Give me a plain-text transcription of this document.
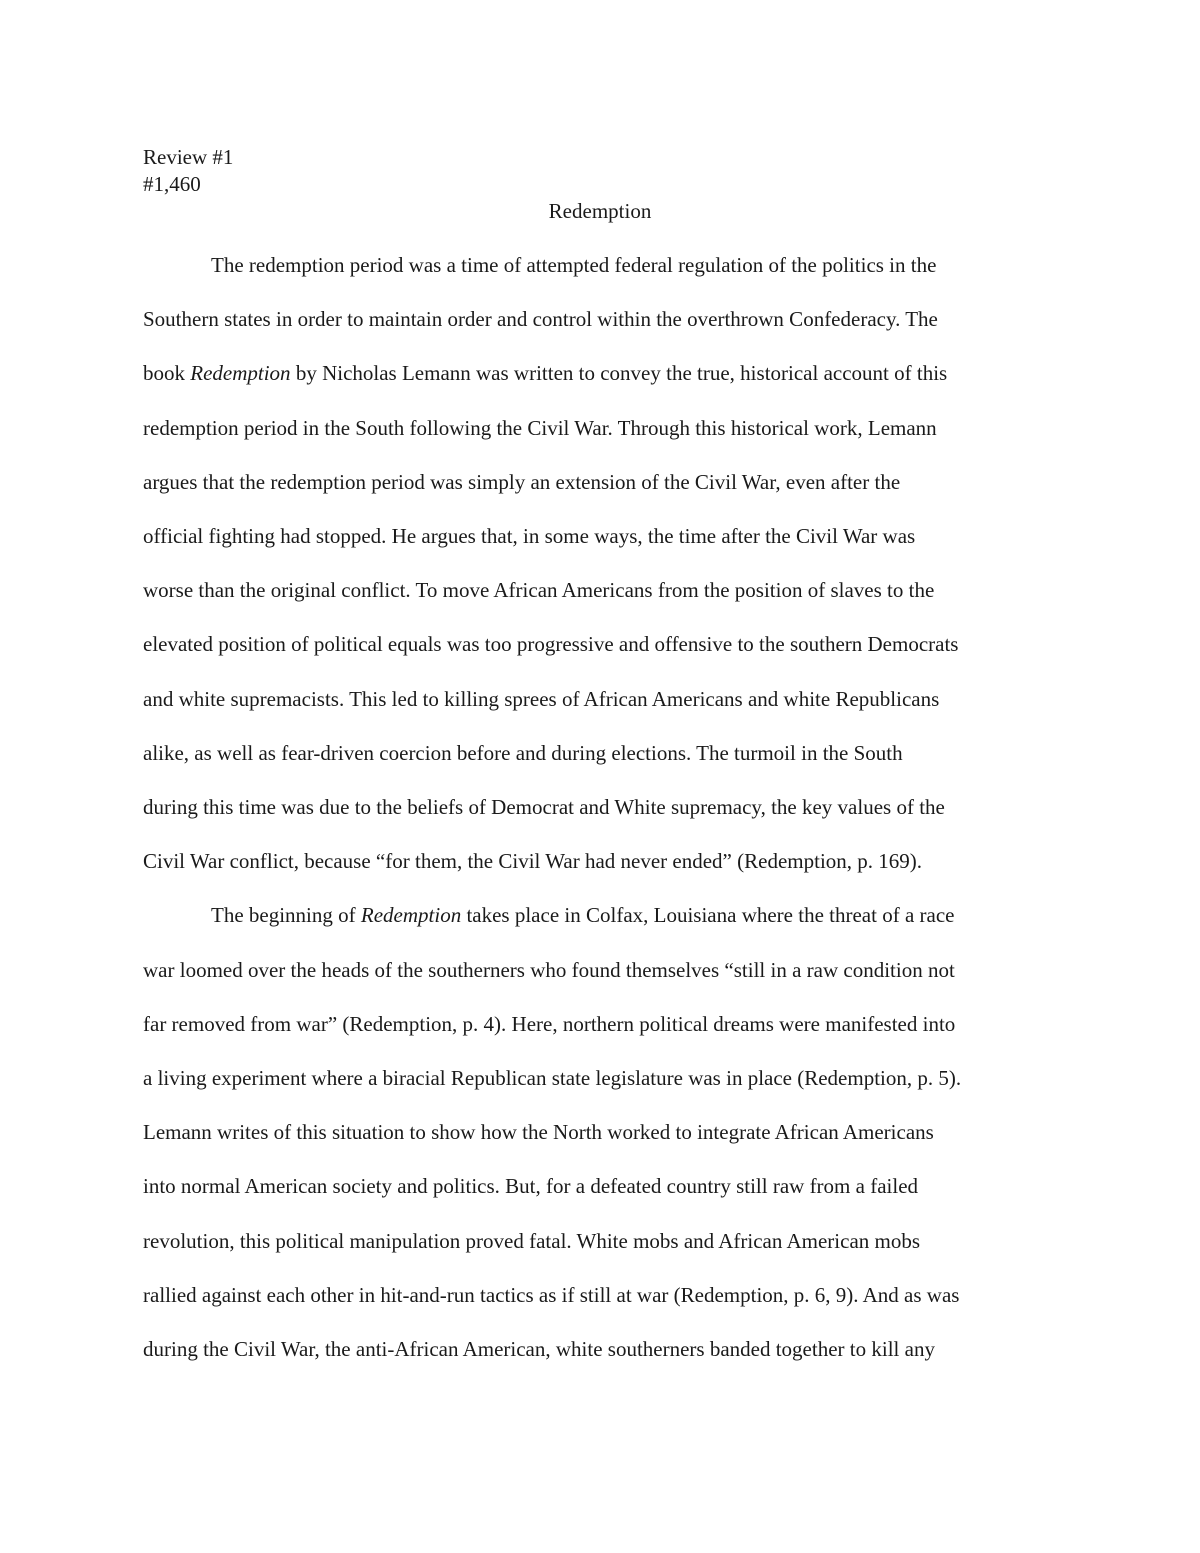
Review #1
#1,460
Redemption
The redemption period was a time of attempted federal regulation of the politics in the
Southern states in order to maintain order and control within the overthrown Confederacy. The
book Redemption by Nicholas Lemann was written to convey the true, historical account of this
redemption period in the South following the Civil War. Through this historical work, Lemann
argues that the redemption period was simply an extension of the Civil War, even after the
official fighting had stopped. He argues that, in some ways, the time after the Civil War was
worse than the original conflict. To move African Americans from the position of slaves to the
elevated position of political equals was too progressive and offensive to the southern Democrats
and white supremacists. This led to killing sprees of African Americans and white Republicans
alike, as well as fear-driven coercion before and during elections. The turmoil in the South
during this time was due to the beliefs of Democrat and White supremacy, the key values of the
Civil War conflict, because “for them, the Civil War had never ended” (Redemption, p. 169).
The beginning of Redemption takes place in Colfax, Louisiana where the threat of a race
war loomed over the heads of the southerners who found themselves “still in a raw condition not
far removed from war” (Redemption, p. 4). Here, northern political dreams were manifested into
a living experiment where a biracial Republican state legislature was in place (Redemption, p. 5).
Lemann writes of this situation to show how the North worked to integrate African Americans
into normal American society and politics. But, for a defeated country still raw from a failed
revolution, this political manipulation proved fatal. White mobs and African American mobs
rallied against each other in hit-and-run tactics as if still at war (Redemption, p. 6, 9). And as was
during the Civil War, the anti-African American, white southerners banded together to kill any
